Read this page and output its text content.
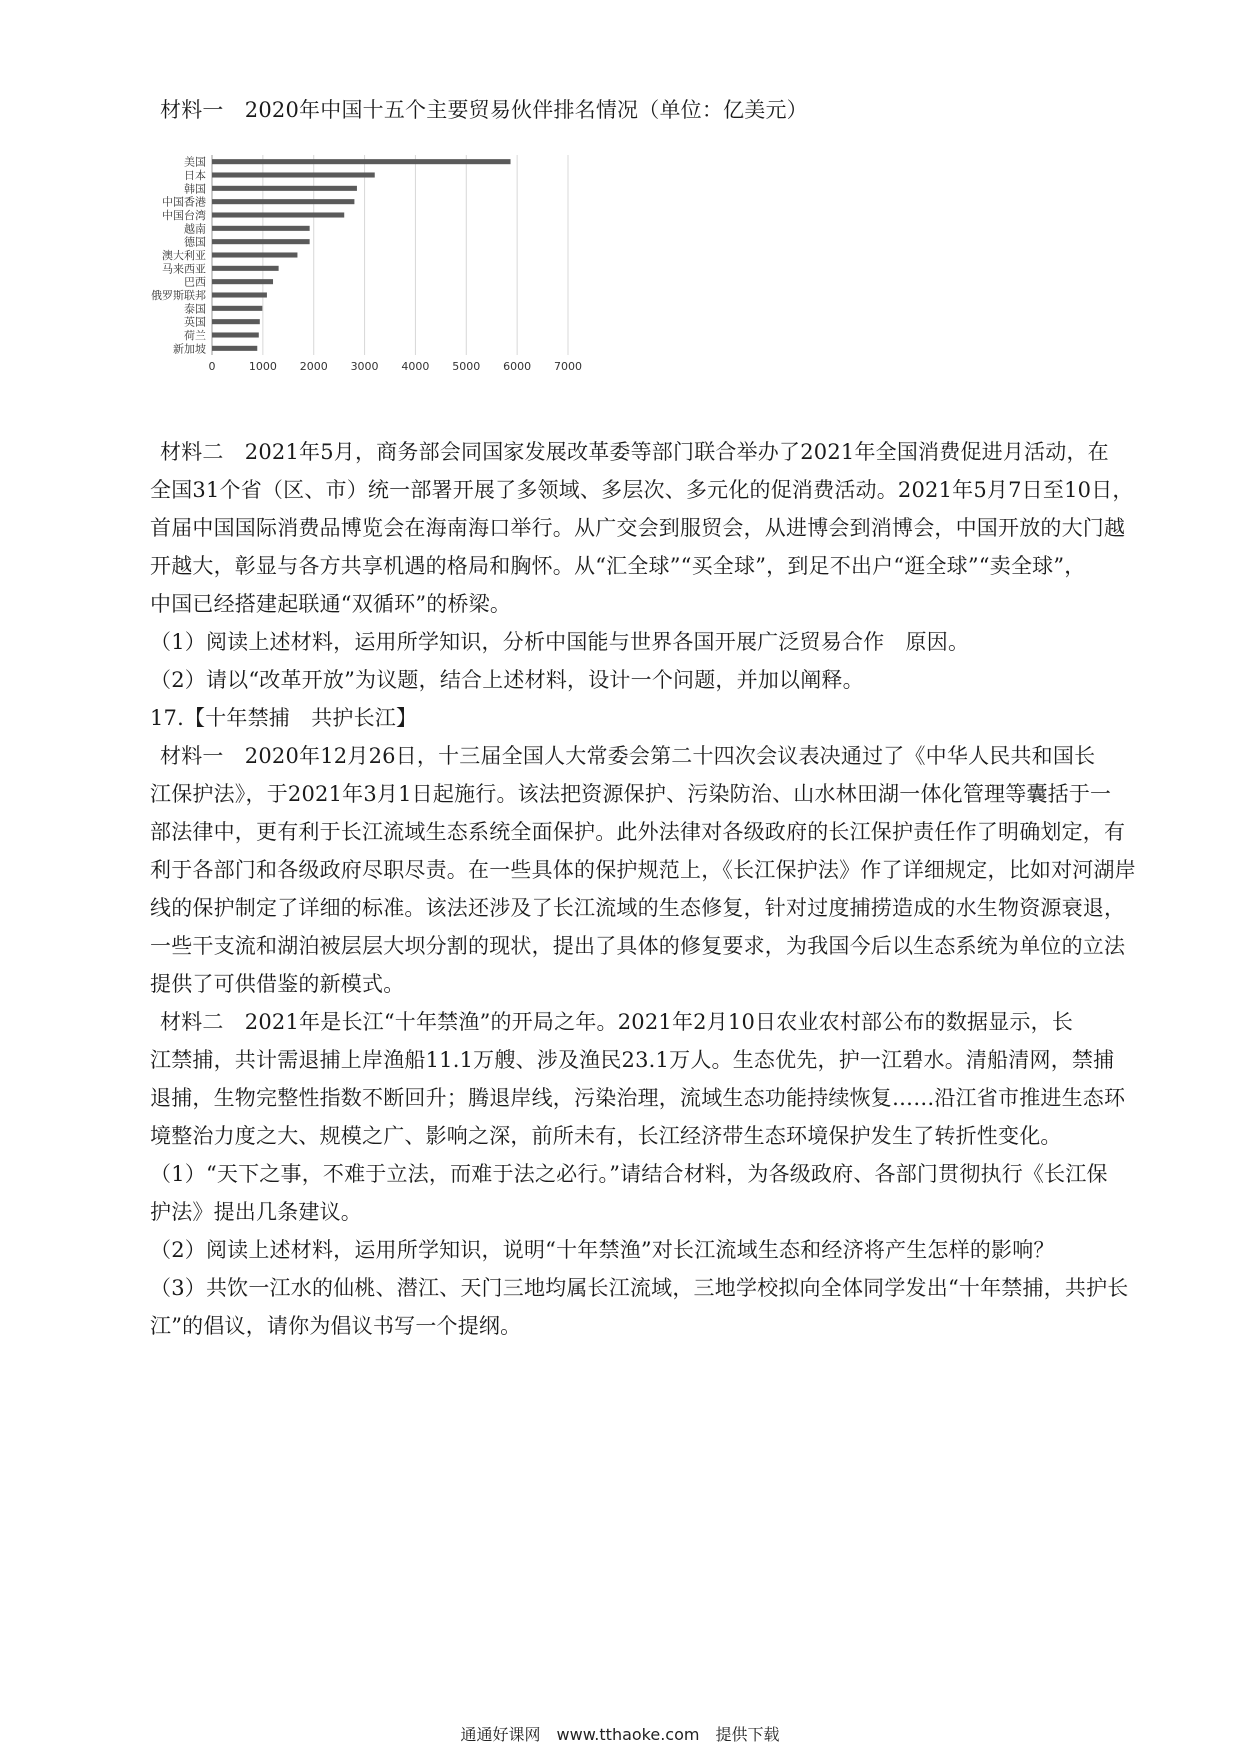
材料一　2020年中国十五个主要贸易伙伴排名情况（单位：亿美元）
0	1000 2000 3000 4000 5000 6000 7000
美国
日本
韩国
中国香港
中国台湾
越南
德国
澳大利亚
马来西亚
巴西
俄罗斯联邦
泰国
英国
荷兰
新加坡
材料二　2021年5月，商务部会同国家发展改革委等部门联合举办了2021年全国消费促进月活动，在
全国31个省（区、市）统一部署开展了多领域、多层次、多元化的促消费活动。2021年5月7日至10日，
首届中国国际消费品博览会在海南海口举行。从广交会到服贸会，从进博会到消博会，中国开放的大门越
开越大，彰显与各方共享机遇的格局和胸怀。从“汇全球”“买全球”，到足不出户“逛全球”“卖全球”，
中国已经搭建起联通“双循环”的桥梁。
（1）阅读上述材料，运用所学知识，分析中国能与世界各国开展广泛贸易合作　原因。
（2）请以“改革开放”为议题，结合上述材料，设计一个问题，并加以阐释。
17.【十年禁捕　共护长江】
材料一　2020年12月26日，十三届全国人大常委会第二十四次会议表决通过了《中华人民共和国长
江保护法》，于2021年3月1日起施行。该法把资源保护、污染防治、山水林田湖一体化管理等囊括于一
部法律中，更有利于长江流域生态系统全面保护。此外法律对各级政府的长江保护责任作了明确划定，有
利于各部门和各级政府尽职尽责。在一些具体的保护规范上，《长江保护法》作了详细规定，比如对河湖岸
线的保护制定了详细的标准。该法还涉及了长江流域的生态修复，针对过度捕捞造成的水生物资源衰退，
一些干支流和湖泊被层层大坝分割的现状，提出了具体的修复要求，为我国今后以生态系统为单位的立法
提供了可供借鉴的新模式。
材料二　2021年是长江“十年禁渔”的开局之年。2021年2月10日农业农村部公布的数据显示，长
江禁捕，共计需退捕上岸渔船11.1万艘、涉及渔民23.1万人。生态优先，护一江碧水。清船清网，禁捕
退捕，生物完整性指数不断回升；腾退岸线，污染治理，流域生态功能持续恢复……沿江省市推进生态环
境整治力度之大、规模之广、影响之深，前所未有，长江经济带生态环境保护发生了转折性变化。
（1）“天下之事，不难于立法，而难于法之必行。”请结合材料，为各级政府、各部门贯彻执行《长江保
护法》提出几条建议。
（2）阅读上述材料，运用所学知识，说明“十年禁渔”对长江流域生态和经济将产生怎样的影响？
（3）共饮一江水的仙桃、潜江、天门三地均属长江流域，三地学校拟向全体同学发出“十年禁捕，共护长
江”的倡议，请你为倡议书写一个提纲。
通通好课网　www.tthaoke.com　提供下载
